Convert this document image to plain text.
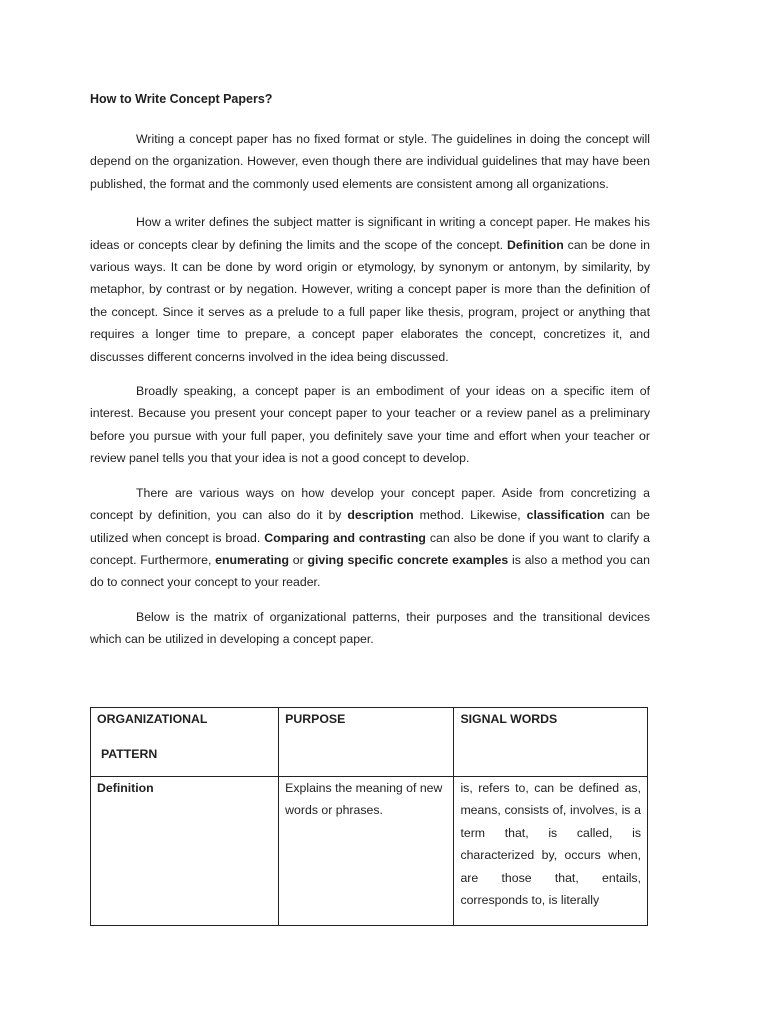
How to Write Concept Papers?

Writing a concept paper has no fixed format or style. The guidelines in doing the concept will depend on the organization. However, even though there are individual guidelines that may have been published, the format and the commonly used elements are consistent among all organizations.

How a writer defines the subject matter is significant in writing a concept paper. He makes his ideas or concepts clear by defining the limits and the scope of the concept. Definition can be done in various ways. It can be done by word origin or etymology, by synonym or antonym, by similarity, by metaphor, by contrast or by negation. However, writing a concept paper is more than the definition of the concept. Since it serves as a prelude to a full paper like thesis, program, project or anything that requires a longer time to prepare, a concept paper elaborates the concept, concretizes it, and discusses different concerns involved in the idea being discussed.

Broadly speaking, a concept paper is an embodiment of your ideas on a specific item of interest. Because you present your concept paper to your teacher or a review panel as a preliminary before you pursue with your full paper, you definitely save your time and effort when your teacher or review panel tells you that your idea is not a good concept to develop.

There are various ways on how develop your concept paper. Aside from concretizing a concept by definition, you can also do it by description method. Likewise, classification can be utilized when concept is broad. Comparing and contrasting can also be done if you want to clarify a concept. Furthermore, enumerating or giving specific concrete examples is also a method you can do to connect your concept to your reader.

Below is the matrix of organizational patterns, their purposes and the transitional devices which can be utilized in developing a concept paper.

ORGANIZATIONAL
PATTERN	PURPOSE	SIGNAL WORDS
Definition	Explains the meaning of new words or phrases.	is, refers to, can be defined as, means, consists of, involves, is a term that, is called, is characterized by, occurs when, are those that, entails, corresponds to, is literally
